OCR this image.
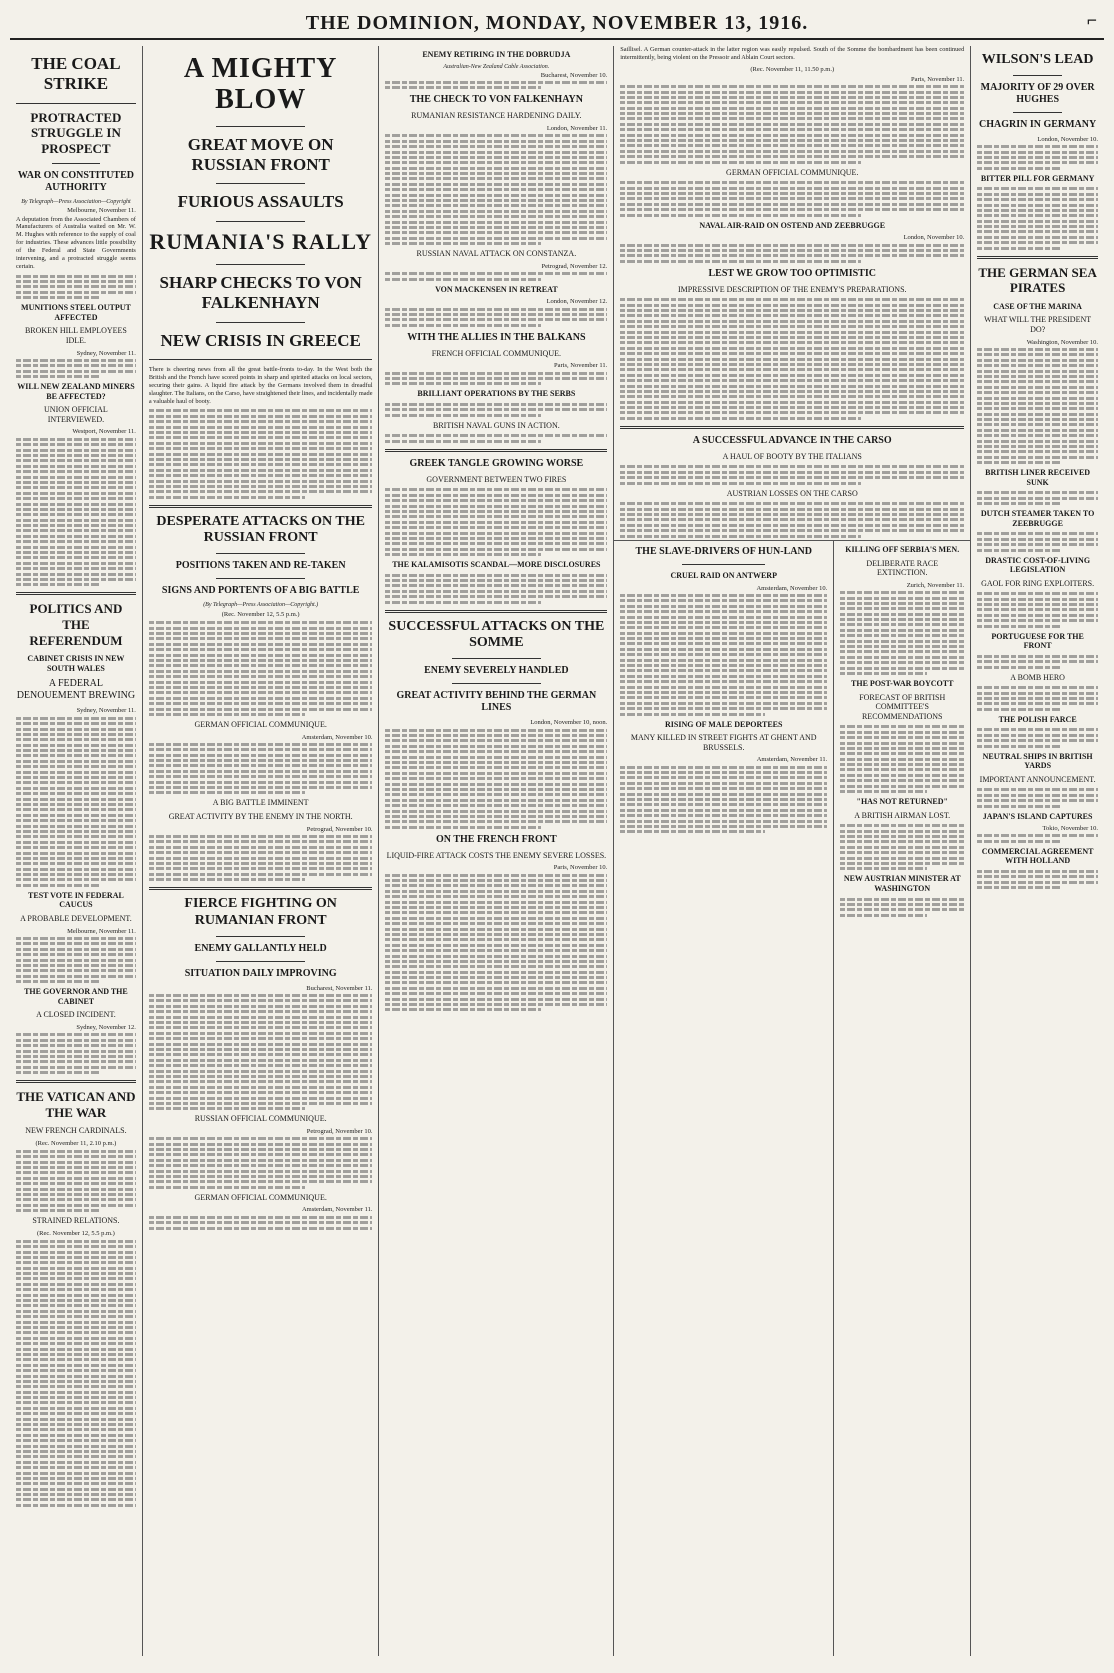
THE DOMINION, MONDAY, NOVEMBER 13, 1916.	⌐
THE COAL STRIKE
PROTRACTED STRUGGLE IN PROSPECT
WAR ON CONSTITUTED AUTHORITY
By Telegraph—Press Association—Copyright
Melbourne, November 11.

A deputation from the Associated Chambers of Manufacturers of Australia waited on Mr. W. M. Hughes with reference to the supply of coal for industries. These advances little possibility of the Federal and State Governments intervening, and a protracted struggle seems certain.

MUNITIONS STEEL OUTPUT AFFECTED
BROKEN HILL EMPLOYEES IDLE.
Sydney, November 11.
WILL NEW ZEALAND MINERS BE AFFECTED?
UNION OFFICIAL INTERVIEWED.
Westport, November 11.
POLITICS AND THE REFERENDUM
CABINET CRISIS IN NEW SOUTH WALES
A FEDERAL DENOUEMENT BREWING
Sydney, November 11.
TEST VOTE IN FEDERAL CAUCUS
A PROBABLE DEVELOPMENT.
Melbourne, November 11.
THE GOVERNOR AND THE CABINET
A CLOSED INCIDENT.
Sydney, November 12.
THE VATICAN AND THE WAR
NEW FRENCH CARDINALS.
(Rec. November 11, 2.10 p.m.)
STRAINED RELATIONS.
(Rec. November 12, 5.5 p.m.)
A MIGHTY BLOW
GREAT MOVE ON RUSSIAN FRONT
FURIOUS ASSAULTS
RUMANIA'S RALLY
SHARP CHECKS TO VON FALKENHAYN
NEW CRISIS IN GREECE

There is cheering news from all the great battle-fronts to-day. In the West both the British and the French have scored points in sharp and spirited attacks on local sectors, securing their gains. A liquid fire attack by the Germans involved them in dreadful slaughter. The Italians, on the Carso, have straightened their lines, and incidentally made a valuable haul of booty.

DESPERATE ATTACKS ON THE RUSSIAN FRONT
POSITIONS TAKEN AND RE-TAKEN
SIGNS AND PORTENTS OF A BIG BATTLE
(By Telegraph—Press Association—Copyright.)
(Rec. November 12, 5.5 p.m.)
GERMAN OFFICIAL COMMUNIQUE.
Amsterdam, November 10.
A BIG BATTLE IMMINENT
GREAT ACTIVITY BY THE ENEMY IN THE NORTH.
Petrograd, November 10.
FIERCE FIGHTING ON RUMANIAN FRONT
ENEMY GALLANTLY HELD
SITUATION DAILY IMPROVING
Bucharest, November 11.
RUSSIAN OFFICIAL COMMUNIQUE.
Petrograd, November 10.
GERMAN OFFICIAL COMMUNIQUE.
Amsterdam, November 11.
ENEMY RETIRING IN THE DOBRUDJA
Australian-New Zealand Cable Association.
Bucharest, November 10.
THE CHECK TO VON FALKENHAYN
RUMANIAN RESISTANCE HARDENING DAILY.
London, November 11.
RUSSIAN NAVAL ATTACK ON CONSTANZA.
Petrograd, November 12.
VON MACKENSEN IN RETREAT
London, November 12.
WITH THE ALLIES IN THE BALKANS
FRENCH OFFICIAL COMMUNIQUE.
Paris, November 11.
BRILLIANT OPERATIONS BY THE SERBS
BRITISH NAVAL GUNS IN ACTION.
GREEK TANGLE GROWING WORSE
GOVERNMENT BETWEEN TWO FIRES
THE KALAMISOTIS SCANDAL—MORE DISCLOSURES
SUCCESSFUL ATTACKS ON THE SOMME
ENEMY SEVERELY HANDLED
GREAT ACTIVITY BEHIND THE GERMAN LINES
London, November 10, noon.
ON THE FRENCH FRONT
LIQUID-FIRE ATTACK COSTS THE ENEMY SEVERE LOSSES.
Paris, November 10.

Saillisel. A German counter-attack in the latter region was easily repulsed. South of the Somme the bombardment has been continued intermittently, being violent on the Pressoir and Ablain Court sectors.

(Rec. November 11, 11.50 p.m.)
Paris, November 11.
GERMAN OFFICIAL COMMUNIQUE.
NAVAL AIR-RAID ON OSTEND AND ZEEBRUGGE
London, November 10.
LEST WE GROW TOO OPTIMISTIC
IMPRESSIVE DESCRIPTION OF THE ENEMY'S PREPARATIONS.
A SUCCESSFUL ADVANCE IN THE CARSO
A HAUL OF BOOTY BY THE ITALIANS
AUSTRIAN LOSSES ON THE CARSO
THE SLAVE-DRIVERS OF HUN-LAND
CRUEL RAID ON ANTWERP
Amsterdam, November 10.
RISING OF MALE DEPORTEES
MANY KILLED IN STREET FIGHTS AT GHENT AND BRUSSELS.
Amsterdam, November 11.
KILLING OFF SERBIA'S MEN.
DELIBERATE RACE EXTINCTION.
Zurich, November 11.
THE POST-WAR BOYCOTT
FORECAST OF BRITISH COMMITTEE'S RECOMMENDATIONS
"HAS NOT RETURNED"
A BRITISH AIRMAN LOST.
NEW AUSTRIAN MINISTER AT WASHINGTON
WILSON'S LEAD
MAJORITY OF 29 OVER HUGHES
CHAGRIN IN GERMANY
London, November 10.
BITTER PILL FOR GERMANY
THE GERMAN SEA PIRATES
CASE OF THE MARINA
WHAT WILL THE PRESIDENT DO?
Washington, November 10.
BRITISH LINER RECEIVED SUNK
DUTCH STEAMER TAKEN TO ZEEBRUGGE
DRASTIC COST-OF-LIVING LEGISLATION
GAOL FOR RING EXPLOITERS.
PORTUGUESE FOR THE FRONT
A BOMB HERO
THE POLISH FARCE
NEUTRAL SHIPS IN BRITISH YARDS
IMPORTANT ANNOUNCEMENT.
JAPAN'S ISLAND CAPTURES
Tokio, November 10.
COMMERCIAL AGREEMENT WITH HOLLAND
